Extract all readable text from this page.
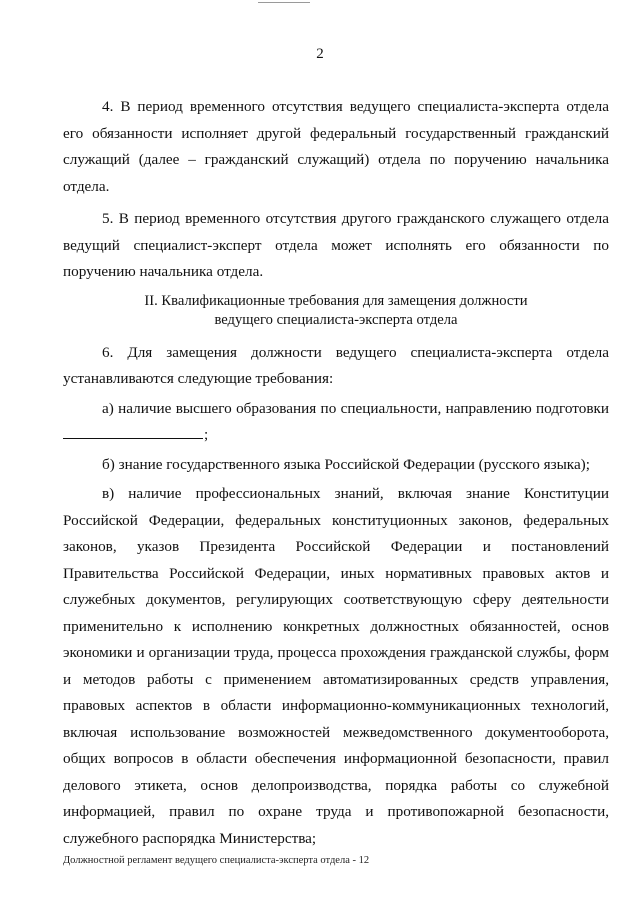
2

4. В период временного отсутствия ведущего специалиста-эксперта отдела его обязанности исполняет другой федеральный государственный гражданский служащий (далее – гражданский служащий) отдела по поручению начальника отдела.

5. В период временного отсутствия другого гражданского служащего отдела ведущий специалист-эксперт отдела может исполнять его обязанности по поручению начальника отдела.

II. Квалификационные требования для замещения должности
ведущего специалиста-эксперта отдела

6. Для замещения должности ведущего специалиста-эксперта отдела устанавливаются следующие требования:

а) наличие высшего образования по специальности, направлению подготовки;

б) знание государственного языка Российской Федерации (русского языка);

в) наличие профессиональных знаний, включая знание Конституции Российской Федерации, федеральных конституционных законов, федеральных законов, указов Президента Российской Федерации и постановлений Правительства Российской Федерации, иных нормативных правовых актов и служебных документов, регулирующих соответствующую сферу деятельности применительно к исполнению конкретных должностных обязанностей, основ экономики и организации труда, процесса прохождения гражданской службы, форм и методов работы с применением автоматизированных средств управления, правовых аспектов в области информационно-коммуникационных технологий, включая использование возможностей межведомственного документооборота, общих вопросов в области обеспечения информационной безопасности, правил делового этикета, основ делопроизводства, порядка работы со служебной информацией, правил по охране труда и противопожарной безопасности, служебного распорядка Министерства;

Должностной регламент ведущего специалиста-эксперта отдела - 12
